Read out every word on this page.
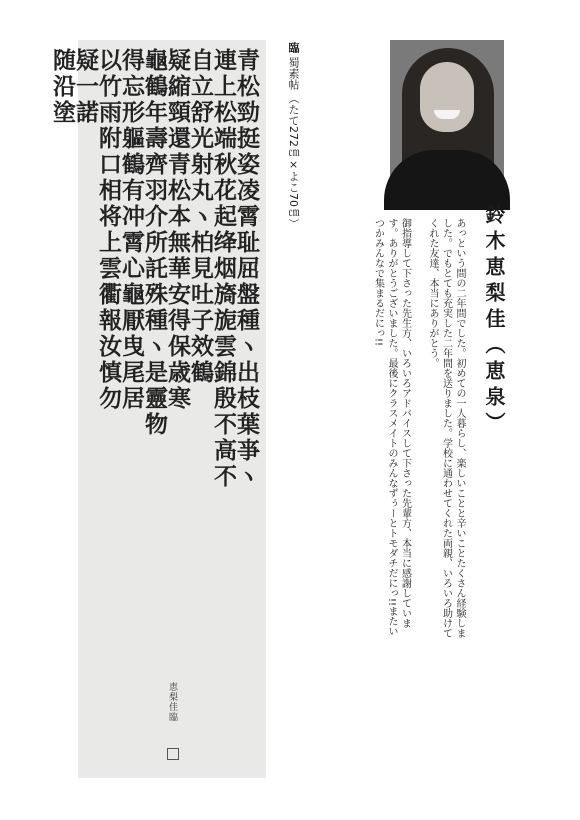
青松勁挺姿凌霄耻屈盤種ヽ出枝葉亊ヽ
連上松端秋花起绛烟旖旎雲錦殷不高不
自立舒光射丸ヽ柏見吐子效鶴
疑縮頸還青松本無華安得保歳寒
龜鶴年壽齊羽介所託殊種ヽ是靈物
得忘形軀鶴有冲霄心龜厭曳尾居
以竹雨附口相将上雲衢報汝慎勿
疑一諾
随沿塗
恵梨佳臨
臨 蜀素帖 （たて272㎝×よこ70㎝）
鈴木恵梨佳（恵泉）

あっという間の二年間でした。初めての一人暮らし、楽しいことと辛いことたくさん経験しました。でもとても充実した二年間を送りました。学校に通わせてくれた両親、いろいろ助けてくれた友達、本当にありがとう。

御指導して下さった先生方、いろいろアドバイスして下さった先輩方、本当に感謝しています。ありがとうございました。最後にクラスメイトのみんなずぅーとトモダチだにっ!!またいつかみんなで集まるだにっ!!
